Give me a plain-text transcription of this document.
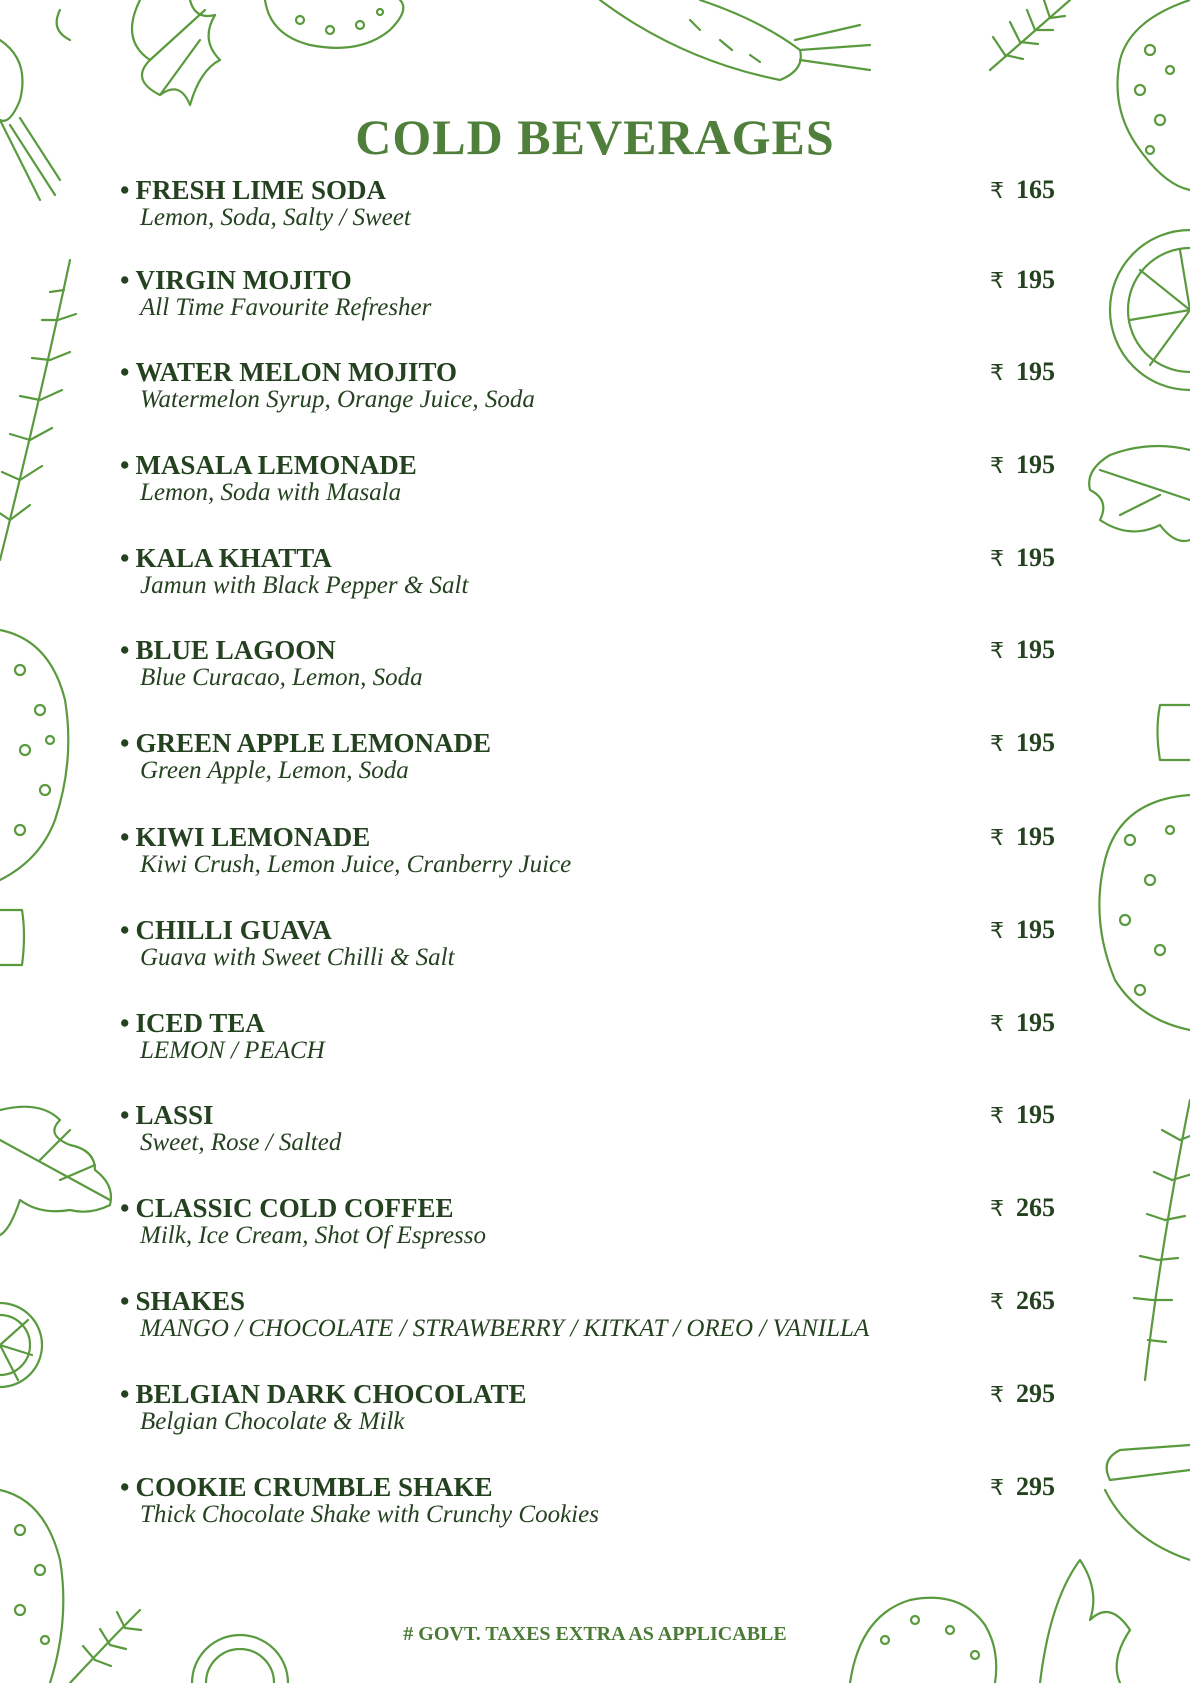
COLD BEVERAGES
• FRESH LIME SODA
Lemon, Soda, Salty / Sweet
₹ 165
• VIRGIN MOJITO
All Time Favourite Refresher
₹ 195
• WATER MELON MOJITO
Watermelon Syrup, Orange Juice, Soda
₹ 195
• MASALA LEMONADE
Lemon, Soda with Masala
₹ 195
• KALA KHATTA
Jamun with Black Pepper & Salt
₹ 195
• BLUE LAGOON
Blue Curacao, Lemon, Soda
₹ 195
• GREEN APPLE LEMONADE
Green Apple, Lemon, Soda
₹ 195
• KIWI LEMONADE
Kiwi Crush, Lemon Juice, Cranberry Juice
₹ 195
• CHILLI GUAVA
Guava with Sweet Chilli & Salt
₹ 195
• ICED TEA
LEMON / PEACH
₹ 195
• LASSI
Sweet, Rose / Salted
₹ 195
• CLASSIC COLD COFFEE
Milk, Ice Cream, Shot Of Espresso
₹ 265
• SHAKES
MANGO / CHOCOLATE / STRAWBERRY / KITKAT / OREO / VANILLA
₹ 265
• BELGIAN DARK CHOCOLATE
Belgian Chocolate & Milk
₹ 295
• COOKIE CRUMBLE SHAKE
Thick Chocolate Shake with Crunchy Cookies
₹ 295
# GOVT. TAXES EXTRA AS APPLICABLE
